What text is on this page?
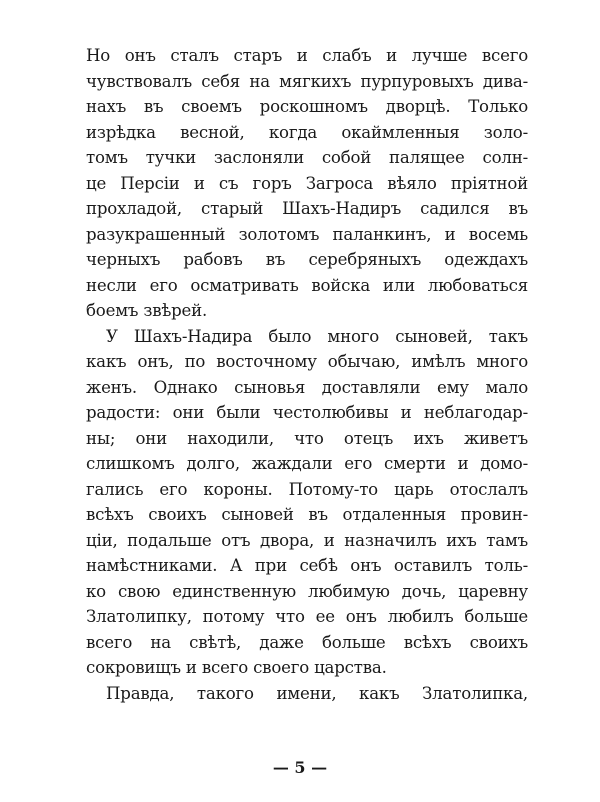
Но онъ сталъ старъ и слабъ и лучше всего
чувствовалъ себя на мягкихъ пурпуровыхъ дива-
нахъ въ своемъ роскошномъ дворцѣ. Только
изрѣдка весной, когда окаймленныя золо-
томъ тучки заслоняли собой палящее солн-
це Персіи и съ горъ Загроса вѣяло пріятной
прохладой, старый Шахъ-Надиръ садился въ
разукрашенный золотомъ паланкинъ, и восемь
черныхъ рабовъ въ серебряныхъ одеждахъ
несли его осматривать войска или любоваться
боемъ звѣрей.
У Шахъ-Надира было много сыновей, такъ
какъ онъ, по восточному обычаю, имѣлъ много
женъ. Однако сыновья доставляли ему мало
радости: они были честолюбивы и неблагодар-
ны; они находили, что отецъ ихъ живетъ
слишкомъ долго, жаждали его смерти и домо-
гались его короны. Потому-то царь отослалъ
всѣхъ своихъ сыновей въ отдаленныя провин-
ціи, подальше отъ двора, и назначилъ ихъ тамъ
намѣстниками. А при себѣ онъ оставилъ толь-
ко свою единственную любимую дочь, царевну
Златолипку, потому что ее онъ любилъ больше
всего на свѣтѣ, даже больше всѣхъ своихъ
сокровищъ и всего своего царства.
Правда, такого имени, какъ Златолипка,
— 5 —
